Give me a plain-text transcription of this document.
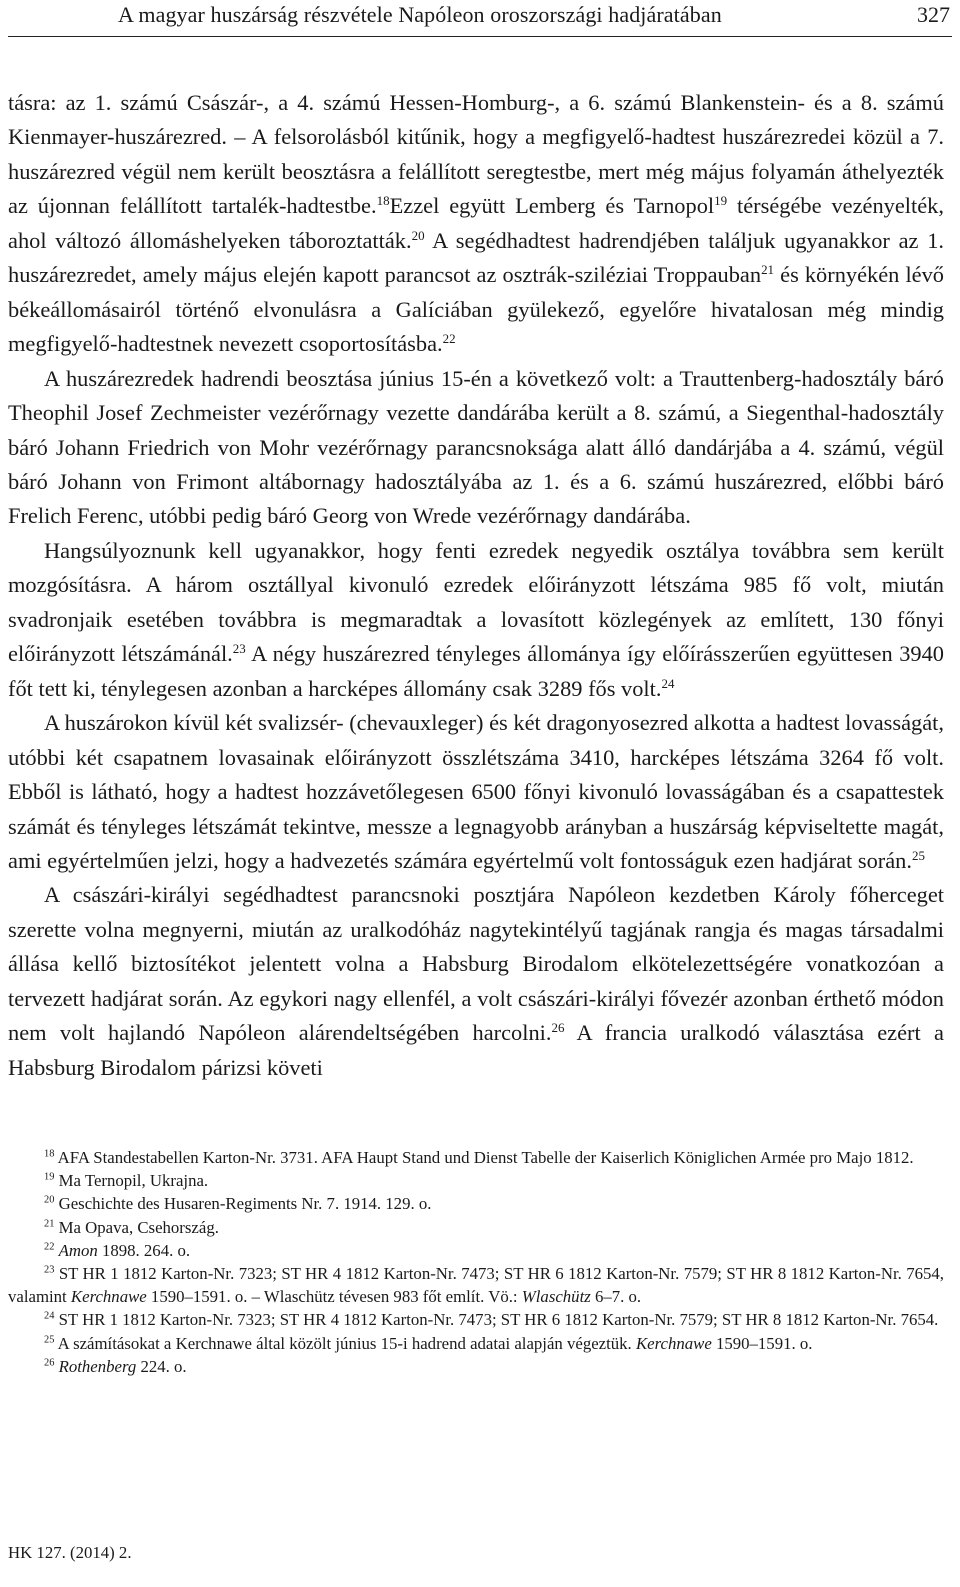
A magyar huszárság részvétele Napóleon oroszországi hadjáratában	327

tásra: az 1. számú Császár-, a 4. számú Hessen-Homburg-, a 6. számú Blankenstein- és a 8. számú Kienmayer-huszárezred. – A felsorolásból kitűnik, hogy a megfigyelő-hadtest huszárezredei közül a 7. huszárezred végül nem került beosztásra a felállított seregtestbe, mert még május folyamán áthelyezték az újonnan felállított tartalék-hadtestbe.$^{18}$Ezzel együtt Lemberg és Tarnopol$^{19}$ térségébe vezényelték, ahol változó állomáshelyeken táboroztatták.$^{20}$ A segédhadtest hadrendjében találjuk ugyanakkor az 1. huszárezredet, amely május elején kapott parancsot az osztrák-sziléziai Troppauban$^{21}$ és környékén lévő békeállomásairól történő elvonulásra a Galíciában gyülekező, egyelőre hivatalosan még mindig megfigyelő-hadtestnek nevezett csoportosításba.$^{22}$

A huszárezredek hadrendi beosztása június 15-én a következő volt: a Trauttenberg-hadosztály báró Theophil Josef Zechmeister vezérőrnagy vezette dandárába került a 8. számú, a Siegenthal-hadosztály báró Johann Friedrich von Mohr vezérőrnagy parancsnoksága alatt álló dandárjába a 4. számú, végül báró Johann von Frimont altábornagy hadosztályába az 1. és a 6. számú huszárezred, előbbi báró Frelich Ferenc, utóbbi pedig báró Georg von Wrede vezérőrnagy dandárába.

Hangsúlyoznunk kell ugyanakkor, hogy fenti ezredek negyedik osztálya továbbra sem került mozgósításra. A három osztállyal kivonuló ezredek előirányzott létszáma 985 fő volt, miután svadronjaik esetében továbbra is megmaradtak a lovasított közlegények az említett, 130 főnyi előirányzott létszámánál.$^{23}$ A négy huszárezred tényleges állománya így előírásszerűen együttesen 3940 főt tett ki, ténylegesen azonban a harcképes állomány csak 3289 fős volt.$^{24}$

A huszárokon kívül két svalizsér- (chevauxleger) és két dragonyosezred alkotta a hadtest lovasságát, utóbbi két csapatnem lovasainak előirányzott összlétszáma 3410, harcképes létszáma 3264 fő volt. Ebből is látható, hogy a hadtest hozzávetőlegesen 6500 főnyi kivonuló lovasságában és a csapattestek számát és tényleges létszámát tekintve, messze a legnagyobb arányban a huszárság képviseltette magát, ami egyértelműen jelzi, hogy a hadvezetés számára egyértelmű volt fontosságuk ezen hadjárat során.$^{25}$

A császári-királyi segédhadtest parancsnoki posztjára Napóleon kezdetben Károly főherceget szerette volna megnyerni, miután az uralkodóház nagytekintélyű tagjának rangja és magas társadalmi állása kellő biztosítékot jelentett volna a Habsburg Birodalom elkötelezettségére vonatkozóan a tervezett hadjárat során. Az egykori nagy ellenfél, a volt császári-királyi fővezér azonban érthető módon nem volt hajlandó Napóleon alárendeltségében harcolni.$^{26}$ A francia uralkodó választása ezért a Habsburg Birodalom párizsi követi

$^{18}$ AFA Standestabellen Karton-Nr. 3731. AFA Haupt Stand und Dienst Tabelle der Kaiserlich Königlichen Armée pro Majo 1812.

$^{19}$ Ma Ternopil, Ukrajna.

$^{20}$ Geschichte des Husaren-Regiments Nr. 7. 1914. 129. o.

$^{21}$ Ma Opava, Csehország.

$^{22}$ Amon 1898. 264. o.

$^{23}$ ST HR 1 1812 Karton-Nr. 7323; ST HR 4 1812 Karton-Nr. 7473; ST HR 6 1812 Karton-Nr. 7579; ST HR 8 1812 Karton-Nr. 7654, valamint Kerchnawe 1590–1591. o. – Wlaschütz tévesen 983 főt említ. Vö.: Wlaschütz 6–7. o.

$^{24}$ ST HR 1 1812 Karton-Nr. 7323; ST HR 4 1812 Karton-Nr. 7473; ST HR 6 1812 Karton-Nr. 7579; ST HR 8 1812 Karton-Nr. 7654.

$^{25}$ A számításokat a Kerchnawe által közölt június 15-i hadrend adatai alapján végeztük. Kerchnawe 1590–1591. o.

$^{26}$ Rothenberg 224. o.

HK 127. (2014) 2.
